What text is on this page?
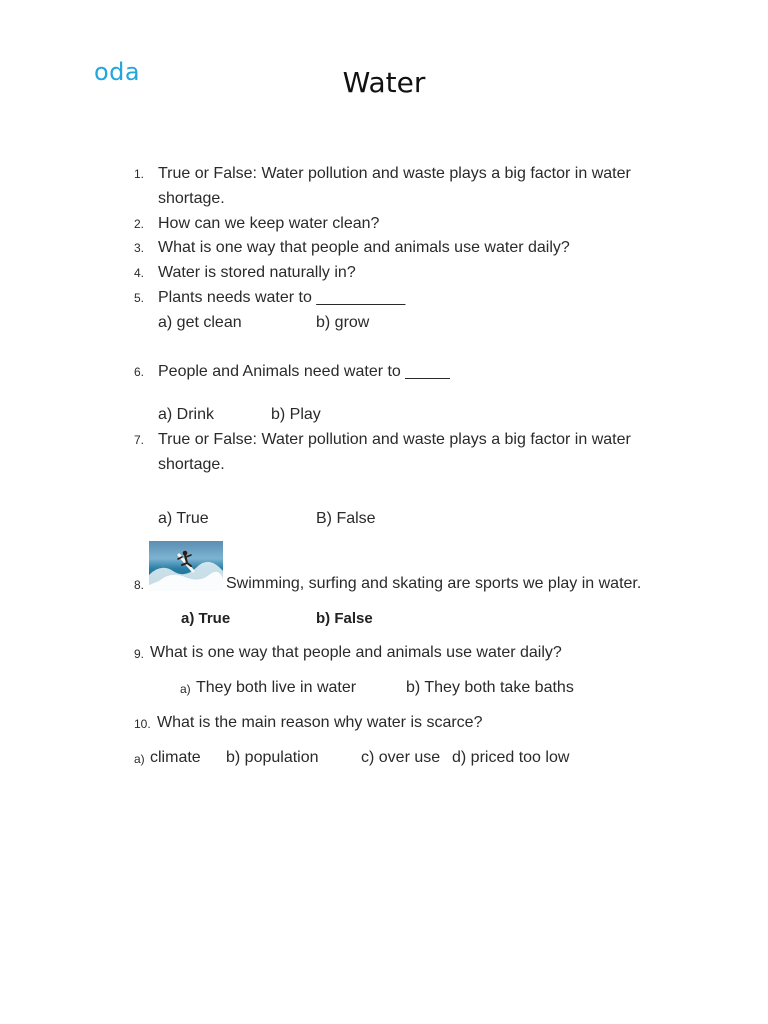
oda	Water
1. True or False: Water pollution and waste plays a big factor in water
shortage.
2. How can we keep water clean?
3. What is one way that people and animals use water daily?
4. Water is stored naturally in?
5. Plants needs water to __________
a) get clean	b) grow
6. People and Animals need water to _____
a) Drink	b) Play
7. True or False: Water pollution and waste plays a big factor in water
shortage.
a) True	B) False
8.	Swimming, surfing and skating are sports we play in water.
a) True	b) False
9. What is one way that people and animals use water daily?
a) They both live in water	b) They both take baths
10. What is the main reason why water is scarce?
a) climate b) population	c) over use d) priced too low
